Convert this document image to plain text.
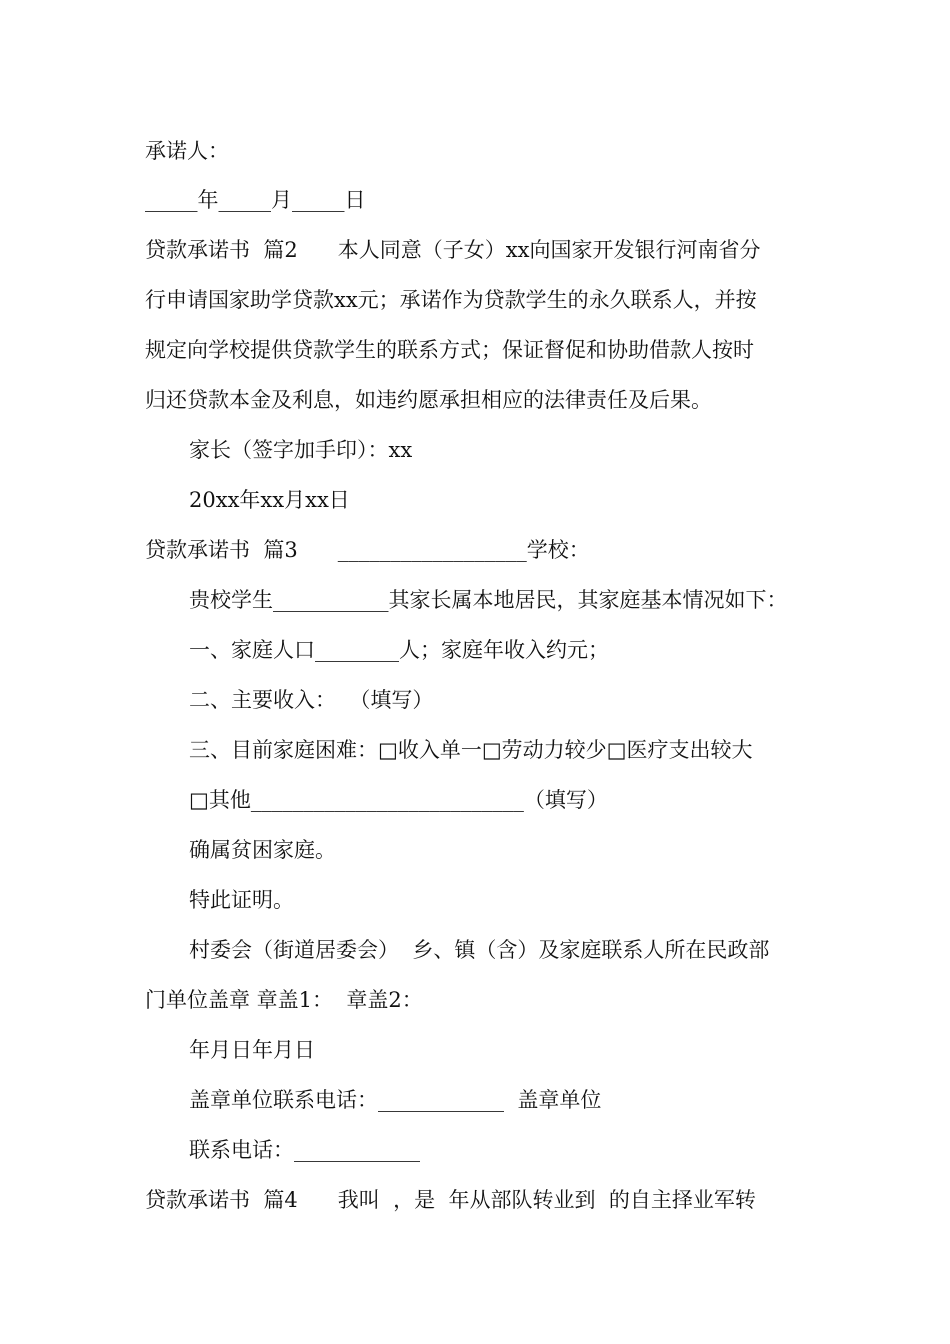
承诺人：
_____年_____月_____日
贷款承诺书  篇2      本人同意（子女）xx向国家开发银行河南省分
行申请国家助学贷款xx元；承诺作为贷款学生的永久联系人，并按
规定向学校提供贷款学生的联系方式；保证督促和协助借款人按时
归还贷款本金及利息，如违约愿承担相应的法律责任及后果。
家长（签字加手印）：xx
20xx年xx月xx日
贷款承诺书  篇3      __________________学校：
贵校学生___________其家长属本地居民，其家庭基本情况如下：
一、家庭人口________人；家庭年收入约元；
二、主要收入：  （填写）
三、目前家庭困难：□收入单一□劳动力较少□医疗支出较大
□其他__________________________（填写）
确属贫困家庭。
特此证明。
村委会（街道居委会）  乡、镇（含）及家庭联系人所在民政部
门单位盖章 章盖1：  章盖2：
年月日年月日
盖章单位联系电话：____________  盖章单位
联系电话：____________
贷款承诺书  篇4      我叫  ，是  年从部队转业到  的自主择业军转
